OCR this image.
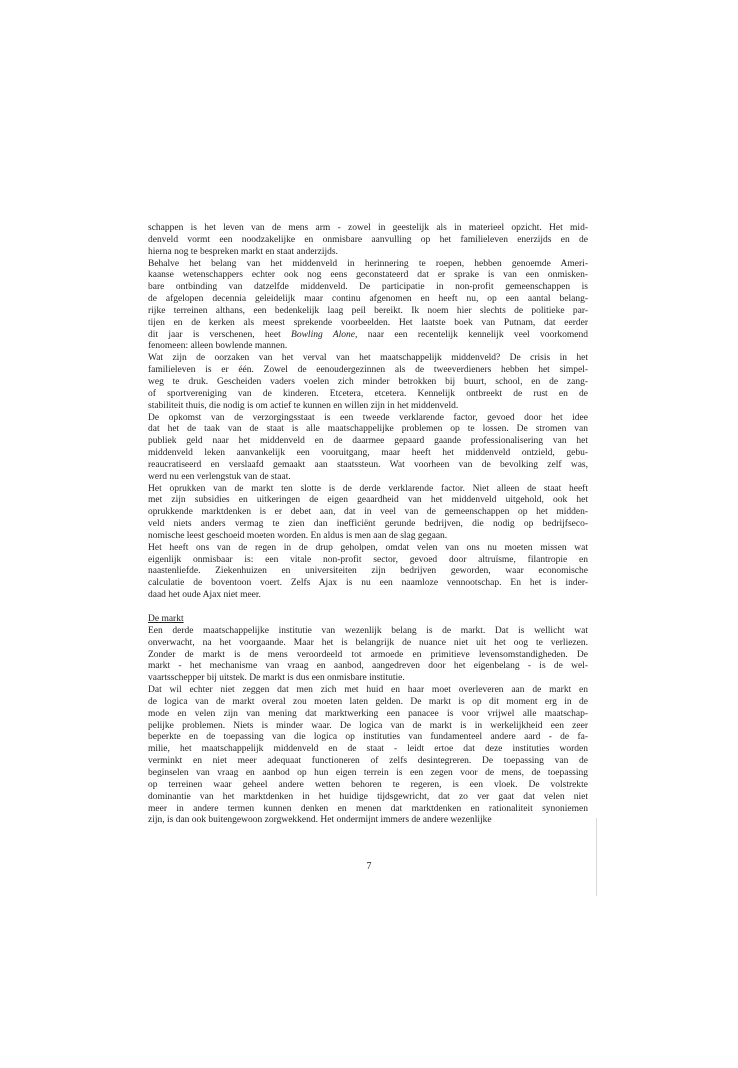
schappen is het leven van de mens arm - zowel in geestelijk als in materieel opzicht. Het mid-
denveld vormt een noodzakelijke en onmisbare aanvulling op het familieleven enerzijds en de
hierna nog te bespreken markt en staat anderzijds.

Behalve het belang van het middenveld in herinnering te roepen, hebben genoemde Ameri-
kaanse wetenschappers echter ook nog eens geconstateerd dat er sprake is van een onmisken-
bare ontbinding van datzelfde middenveld. De participatie in non-profit gemeenschappen is
de afgelopen decennia geleidelijk maar continu afgenomen en heeft nu, op een aantal belang-
rijke terreinen althans, een bedenkelijk laag peil bereikt. Ik noem hier slechts de politieke par-
tijen en de kerken als meest sprekende voorbeelden. Het laatste boek van Putnam, dat eerder
dit jaar is verschenen, heet Bowling Alone, naar een recentelijk kennelijk veel voorkomend
fenomeen: alleen bowlende mannen.

Wat zijn de oorzaken van het verval van het maatschappelijk middenveld? De crisis in het
familieleven is er één. Zowel de eenoudergezinnen als de tweeverdieners hebben het simpel-
weg te druk. Gescheiden vaders voelen zich minder betrokken bij buurt, school, en de zang-
of sportvereniging van de kinderen. Etcetera, etcetera. Kennelijk ontbreekt de rust en de
stabiliteit thuis, die nodig is om actief te kunnen en willen zijn in het middenveld.

De opkomst van de verzorgingsstaat is een tweede verklarende factor, gevoed door het idee
dat het de taak van de staat is alle maatschappelijke problemen op te lossen. De stromen van
publiek geld naar het middenveld en de daarmee gepaard gaande professionalisering van het
middenveld leken aanvankelijk een vooruitgang, maar heeft het middenveld ontzield, gebu-
reaucratiseerd en verslaafd gemaakt aan staatssteun. Wat voorheen van de bevolking zelf was,
werd nu een verlengstuk van de staat.

Het oprukken van de markt ten slotte is de derde verklarende factor. Niet alleen de staat heeft
met zijn subsidies en uitkeringen de eigen geaardheid van het middenveld uitgehold, ook het
oprukkende marktdenken is er debet aan, dat in veel van de gemeenschappen op het midden-
veld niets anders vermag te zien dan inefficiënt gerunde bedrijven, die nodig op bedrijfseco-
nomische leest geschoeid moeten worden. En aldus is men aan de slag gegaan.

Het heeft ons van de regen in de drup geholpen, omdat velen van ons nu moeten missen wat
eigenlijk onmisbaar is: een vitale non-profit sector, gevoed door altruïsme, filantropie en
naastenliefde. Ziekenhuizen en universiteiten zijn bedrijven geworden, waar economische
calculatie de boventoon voert. Zelfs Ajax is nu een naamloze vennootschap. En het is inder-
daad het oude Ajax niet meer.

De markt

Een derde maatschappelijke institutie van wezenlijk belang is de markt. Dat is wellicht wat
onverwacht, na het voorgaande. Maar het is belangrijk de nuance niet uit het oog te verliezen.
Zonder de markt is de mens veroordeeld tot armoede en primitieve levensomstandigheden. De
markt - het mechanisme van vraag en aanbod, aangedreven door het eigenbelang - is de wel-
vaartsschepper bij uitstek. De markt is dus een onmisbare institutie.

Dat wil echter niet zeggen dat men zich met huid en haar moet overleveren aan de markt en
de logica van de markt overal zou moeten laten gelden. De markt is op dit moment erg in de
mode en velen zijn van mening dat marktwerking een panacee is voor vrijwel alle maatschap-
pelijke problemen. Niets is minder waar. De logica van de markt is in werkelijkheid een zeer
beperkte en de toepassing van die logica op instituties van fundamenteel andere aard - de fa-
milie, het maatschappelijk middenveld en de staat - leidt ertoe dat deze instituties worden
verminkt en niet meer adequaat functioneren of zelfs desintegreren. De toepassing van de
beginselen van vraag en aanbod op hun eigen terrein is een zegen voor de mens, de toepassing
op terreinen waar geheel andere wetten behoren te regeren, is een vloek. De volstrekte
dominantie van het marktdenken in het huidige tijdsgewricht, dat zo ver gaat dat velen niet
meer in andere termen kunnen denken en menen dat marktdenken en rationaliteit synoniemen
zijn, is dan ook buitengewoon zorgwekkend. Het ondermijnt immers de andere wezenlijke

7
